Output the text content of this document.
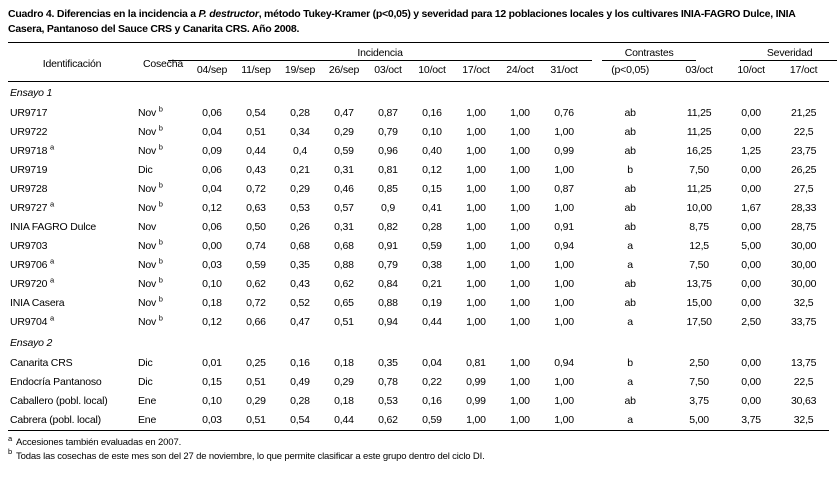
Cuadro 4. Diferencias en la incidencia a P. destructor, método Tukey-Kramer (p<0,05) y severidad para 12 poblaciones locales y los cultivares INIA-FAGRO Dulce, INIA Casera, Pantanoso del Sauce CRS y Canarita CRS. Año 2008.
Identificación	Cosecha	Incidencia									Contrastes	Severidad		

		04/sep	11/sep	19/sep	26/sep	03/oct	10/oct	17/oct	24/oct	31/oct	(p<0,05)	03/oct	10/oct	17/oct
Ensayo 1														
UR9717	Nov $^b$	0,06	0,54	0,28	0,47	0,87	0,16	1,00	1,00	0,76	ab	11,25	0,00	21,25
UR9722	Nov $^b$	0,04	0,51	0,34	0,29	0,79	0,10	1,00	1,00	1,00	ab	11,25	0,00	22,5
UR9718 $^a$	Nov $^b$	0,09	0,44	0,4	0,59	0,96	0,40	1,00	1,00	0,99	ab	16,25	1,25	23,75
UR9719	Dic	0,06	0,43	0,21	0,31	0,81	0,12	1,00	1,00	1,00	b	7,50	0,00	26,25
UR9728	Nov $^b$	0,04	0,72	0,29	0,46	0,85	0,15	1,00	1,00	0,87	ab	11,25	0,00	27,5
UR9727 $^a$	Nov $^b$	0,12	0,63	0,53	0,57	0,9	0,41	1,00	1,00	1,00	ab	10,00	1,67	28,33
INIA FAGRO Dulce	Nov	0,06	0,50	0,26	0,31	0,82	0,28	1,00	1,00	0,91	ab	8,75	0,00	28,75
UR9703	Nov $^b$	0,00	0,74	0,68	0,68	0,91	0,59	1,00	1,00	0,94	a	12,5	5,00	30,00
UR9706 $^a$	Nov $^b$	0,03	0,59	0,35	0,88	0,79	0,38	1,00	1,00	1,00	a	7,50	0,00	30,00
UR9720 $^a$	Nov $^b$	0,10	0,62	0,43	0,62	0,84	0,21	1,00	1,00	1,00	ab	13,75	0,00	30,00
INIA Casera	Nov $^b$	0,18	0,72	0,52	0,65	0,88	0,19	1,00	1,00	1,00	ab	15,00	0,00	32,5
UR9704 $^a$	Nov $^b$	0,12	0,66	0,47	0,51	0,94	0,44	1,00	1,00	1,00	a	17,50	2,50	33,75
Ensayo 2														
Canarita CRS	Dic	0,01	0,25	0,16	0,18	0,35	0,04	0,81	1,00	0,94	b	2,50	0,00	13,75
Endocría Pantanoso	Dic	0,15	0,51	0,49	0,29	0,78	0,22	0,99	1,00	1,00	a	7,50	0,00	22,5
Caballero (pobl. local)	Ene	0,10	0,29	0,28	0,18	0,53	0,16	0,99	1,00	1,00	ab	3,75	0,00	30,63
Cabrera (pobl. local)	Ene	0,03	0,51	0,54	0,44	0,62	0,59	1,00	1,00	1,00	a	5,00	3,75	32,5
$^a$ Accesiones también evaluadas en 2007.
$^b$ Todas las cosechas de este mes son del 27 de noviembre, lo que permite clasificar a este grupo dentro del ciclo DI.
